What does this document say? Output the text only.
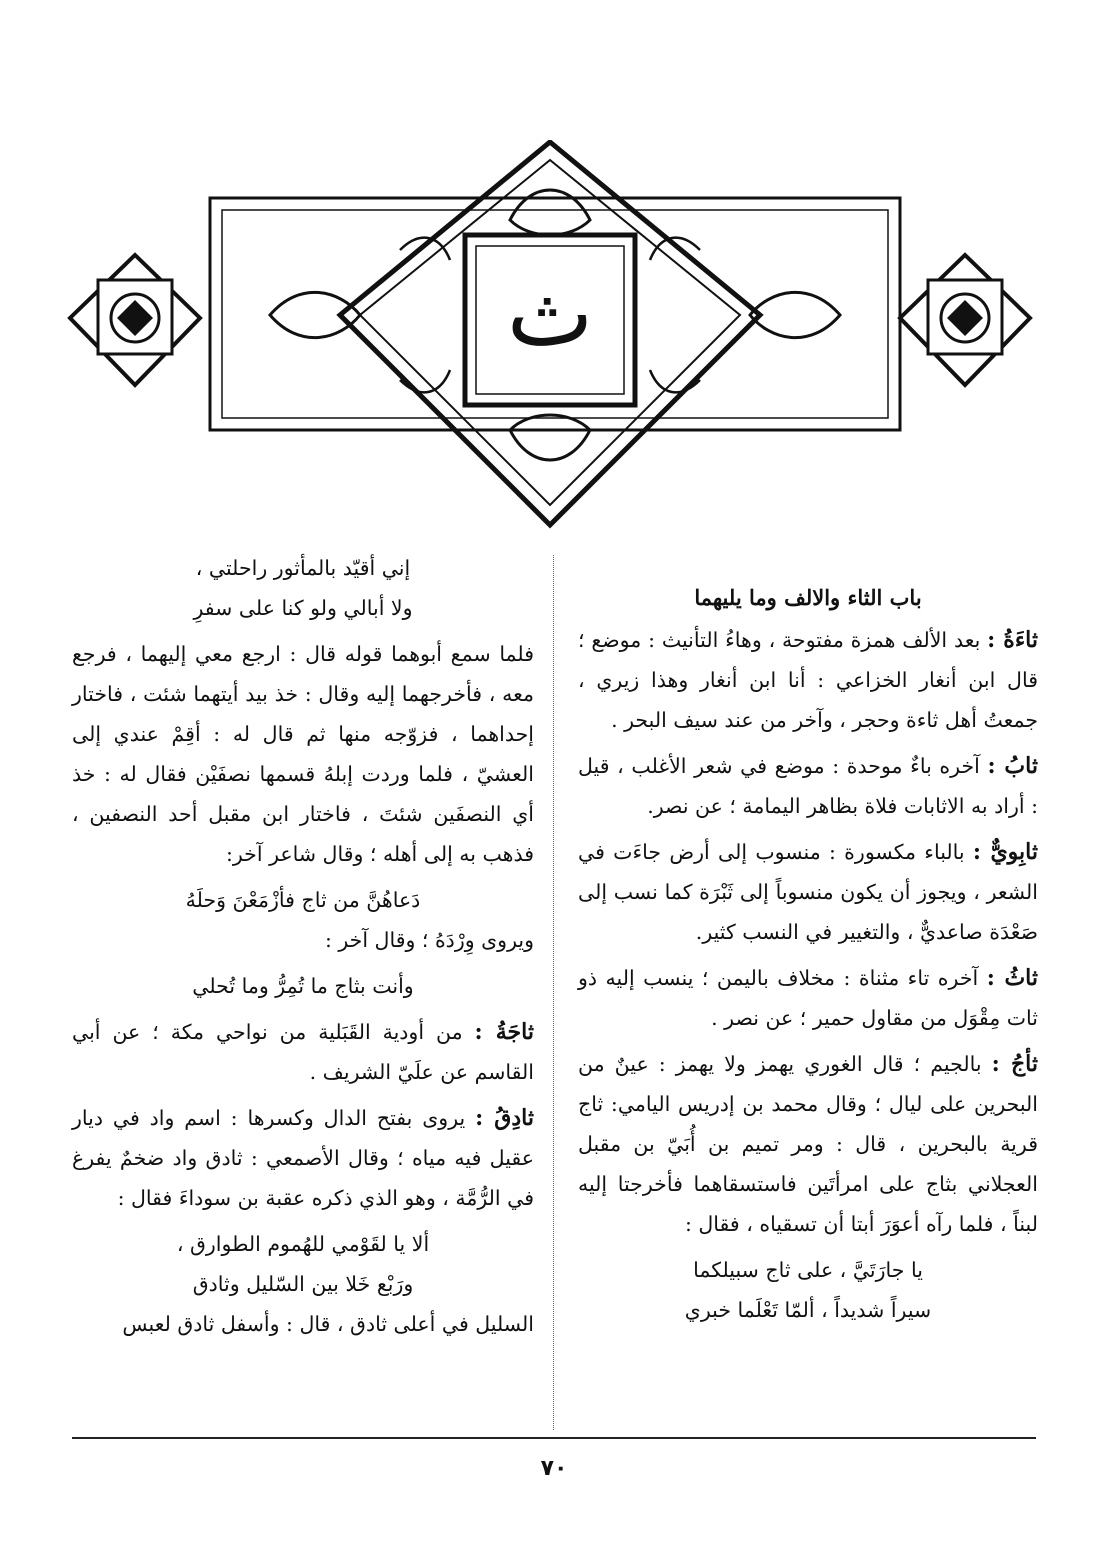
ث
باب الثاء والالف وما يليهما

ثاءَةُ : بعد الألف همزة مفتوحة ، وهاءُ التأنيث : موضع ؛ قال ابن أنغار الخزاعي : أنا ابن أنغار وهذا زيري ، جمعتُ أهل ثاءة وحجر ، وآخر من عند سيف البحر .

ثابُ : آخره باءٌ موحدة : موضع في شعر الأغلب ، قيل : أراد به الاثابات فلاة بظاهر اليمامة ؛ عن نصر.

ثابِويٌّ : بالباء مكسورة : منسوب إلى أرض جاءَت في الشعر ، ويجوز أن يكون منسوباً إلى ثَبْرَة كما نسب إلى صَعْدَة صاعديٌّ ، والتغيير في النسب كثير.

ثاثُ : آخره تاء مثناة : مخلاف باليمن ؛ ينسب إليه ذو ثات مِقْوَل من مقاول حمير ؛ عن نصر .

ثأجُ : بالجيم ؛ قال الغوري يهمز ولا يهمز : عينٌ من البحرين على ليال ؛ وقال محمد بن إدريس اليامي: ثاج قرية بالبحرين ، قال : ومر تميم بن أُبَيّ بن مقبل العجلاني بثاج على امرأتَين فاستسقاهما فأخرجتا إليه لبناً ، فلما رآه أعوَرَ أبتا أن تسقياه ، فقال :

يا جارَتَيَّ ، على ثاج سبيلكما

سيراً شديداً ، ألمّا تَعْلَما خبري

إني أقيّد بالمأثور راحلتي ،

ولا أبالي ولو كنا على سفرِ

فلما سمع أبوهما قوله قال : ارجع معي إليهما ، فرجع معه ، فأخرجهما إليه وقال : خذ بيد أيتهما شئت ، فاختار إحداهما ، فزوّجه منها ثم قال له : أقِمْ عندي إلى العشيّ ، فلما وردت إبلهُ قسمها نصفَيْن فقال له : خذ أي النصفَين شئتَ ، فاختار ابن مقبل أحد النصفين ، فذهب به إلى أهله ؛ وقال شاعر آخر:

دَعاهُنَّ من ثاج فأزْمَعْنَ وَحلَهُ

ويروى وِرْدَهُ ؛ وقال آخر :

وأنت بثاج ما تُمِرُّ وما تُحلي

ثاجَةُ : من أودية القَبَلية من نواحي مكة ؛ عن أبي القاسم عن علَيّ الشريف .

ثادِقُ : يروى بفتح الدال وكسرها : اسم واد في ديار عقيل فيه مياه ؛ وقال الأصمعي : ثادق واد ضخمٌ يفرغ في الرُّمَّة ، وهو الذي ذكره عقبة بن سوداءَ فقال :

ألا يا لقَوْمي للهُموم الطوارق ،

ورَبْع خَلا بين السّليل وثادق

السليل في أعلى ثادق ، قال : وأسفل ثادق لعبس

٧٠
